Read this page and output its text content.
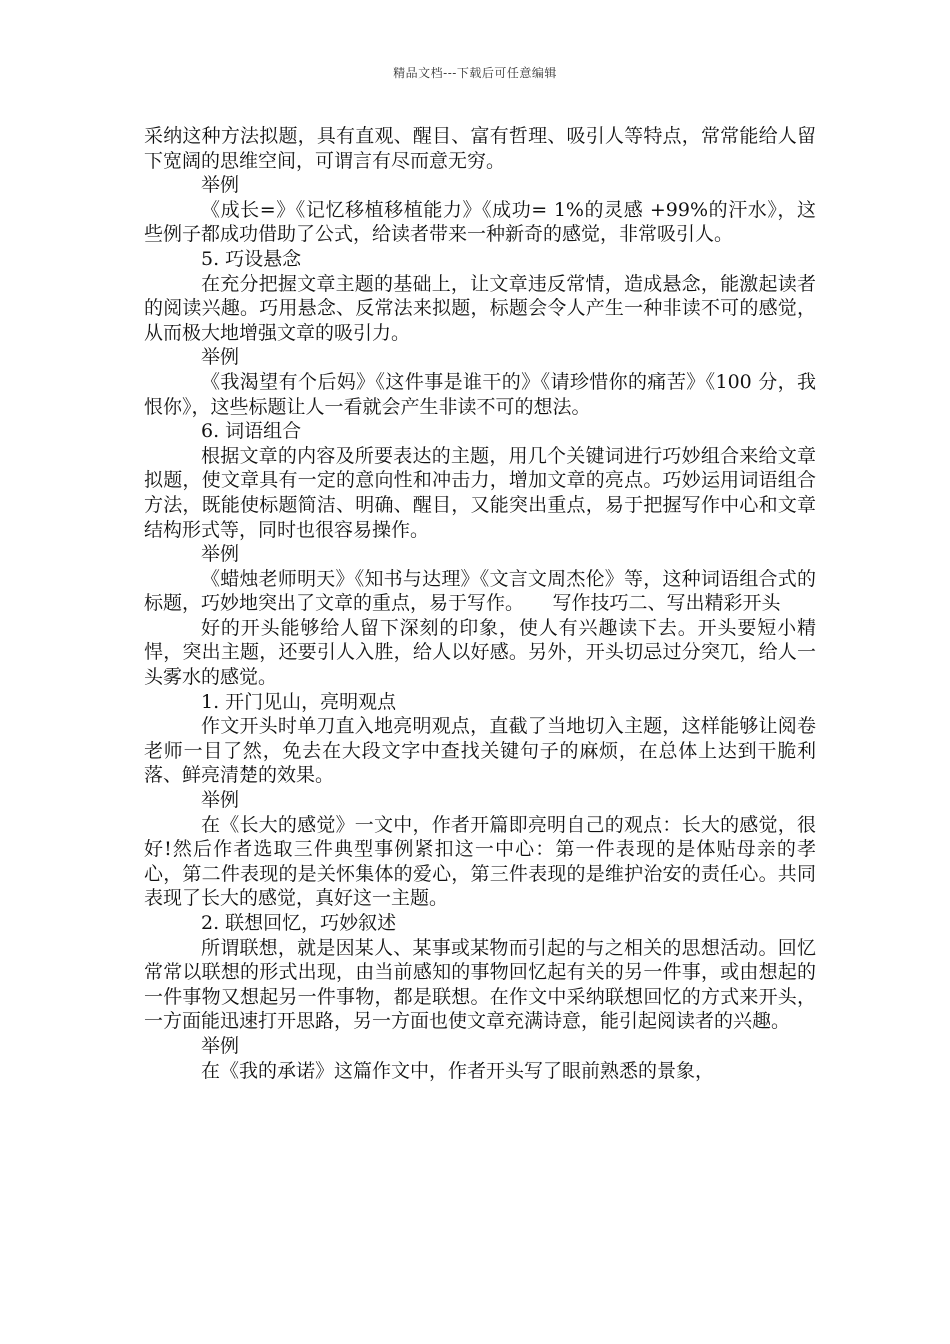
精品文档---下载后可任意编辑

采纳这种方法拟题，具有直观、醒目、富有哲理、吸引人等特点，常常能给人留下宽阔的思维空间，可谓言有尽而意无穷。

举例

《成长=》《记忆移植移植能力》《成功= 1%的灵感 +99%的汗水》，这些例子都成功借助了公式，给读者带来一种新奇的感觉，非常吸引人。

5. 巧设悬念

在充分把握文章主题的基础上，让文章违反常情，造成悬念，能激起读者的阅读兴趣。巧用悬念、反常法来拟题，标题会令人产生一种非读不可的感觉，从而极大地增强文章的吸引力。

举例

《我渴望有个后妈》《这件事是谁干的》《请珍惜你的痛苦》《100 分，我恨你》，这些标题让人一看就会产生非读不可的想法。

6. 词语组合

根据文章的内容及所要表达的主题，用几个关键词进行巧妙组合来给文章拟题，使文章具有一定的意向性和冲击力，增加文章的亮点。巧妙运用词语组合方法，既能使标题简洁、明确、醒目，又能突出重点，易于把握写作中心和文章结构形式等，同时也很容易操作。

举例

《蜡烛老师明天》《知书与达理》《文言文周杰伦》等，这种词语组合式的标题，巧妙地突出了文章的重点，易于写作。　　写作技巧二、写出精彩开头

好的开头能够给人留下深刻的印象，使人有兴趣读下去。开头要短小精悍，突出主题，还要引人入胜，给人以好感。另外，开头切忌过分突兀，给人一头雾水的感觉。

1. 开门见山，亮明观点

作文开头时单刀直入地亮明观点，直截了当地切入主题，这样能够让阅卷老师一目了然，免去在大段文字中查找关键句子的麻烦，在总体上达到干脆利落、鲜亮清楚的效果。

举例

在《长大的感觉》一文中，作者开篇即亮明自己的观点：长大的感觉，很好!然后作者选取三件典型事例紧扣这一中心：第一件表现的是体贴母亲的孝心，第二件表现的是关怀集体的爱心，第三件表现的是维护治安的责任心。共同表现了长大的感觉，真好这一主题。

2. 联想回忆，巧妙叙述

所谓联想，就是因某人、某事或某物而引起的与之相关的思想活动。回忆常常以联想的形式出现，由当前感知的事物回忆起有关的另一件事，或由想起的一件事物又想起另一件事物，都是联想。在作文中采纳联想回忆的方式来开头，一方面能迅速打开思路，另一方面也使文章充满诗意，能引起阅读者的兴趣。

举例

在《我的承诺》这篇作文中，作者开头写了眼前熟悉的景象，
